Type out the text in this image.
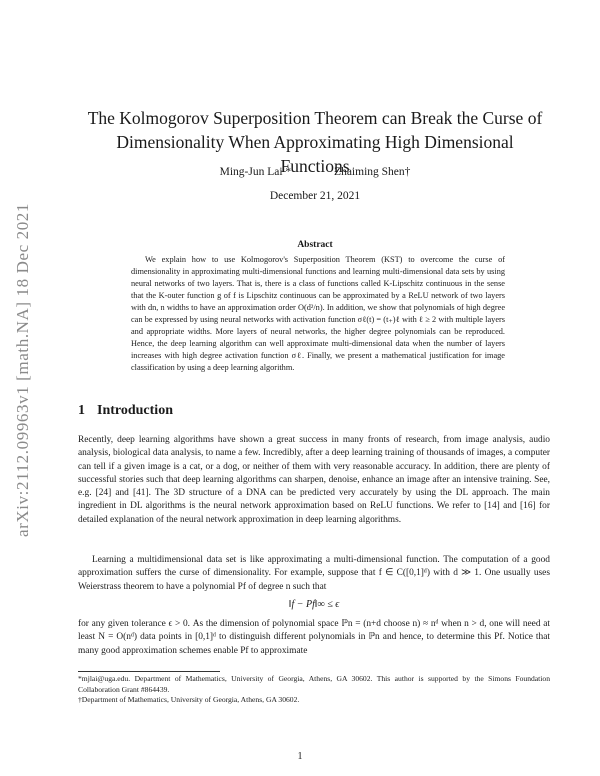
arXiv:2112.09963v1 [math.NA] 18 Dec 2021
The Kolmogorov Superposition Theorem can Break the Curse of
Dimensionality When Approximating High Dimensional Functions
Ming-Jun Lai *	Zhaiming Shen†
December 21, 2021
Abstract

We explain how to use Kolmogorov's Superposition Theorem (KST) to overcome the curse of dimensionality in approximating multi-dimensional functions and learning multi-dimensional data sets by using neural networks of two layers. That is, there is a class of functions called K-Lipschitz continuous in the sense that the K-outer function g of f is Lipschitz continuous can be approximated by a ReLU network of two layers with dn, n widths to have an approximation order O(d²/n). In addition, we show that polynomials of high degree can be expressed by using neural networks with activation function σℓ(t) = (t₊)ℓ with ℓ ≥ 2 with multiple layers and appropriate widths. More layers of neural networks, the higher degree polynomials can be reproduced. Hence, the deep learning algorithm can well approximate multi-dimensional data when the number of layers increases with high degree activation function σℓ. Finally, we present a mathematical justification for image classification by using a deep learning algorithm.

1 Introduction

Recently, deep learning algorithms have shown a great success in many fronts of research, from image analysis, audio analysis, biological data analysis, to name a few. Incredibly, after a deep learning training of thousands of images, a computer can tell if a given image is a cat, or a dog, or neither of them with very reasonable accuracy. In addition, there are plenty of successful stories such that deep learning algorithms can sharpen, denoise, enhance an image after an intensive training. See, e.g. [24] and [41]. The 3D structure of a DNA can be predicted very accurately by using the DL approach. The main ingredient in DL algorithms is the neural network approximation based on ReLU functions. We refer to [14] and [16] for detailed explanation of the neural network approximation in deep learning algorithms.

Learning a multidimensional data set is like approximating a multi-dimensional function. The computation of a good approximation suffers the curse of dimensionality. For example, suppose that f ∈ C([0,1]ᵈ) with d ≫ 1. One usually uses Weierstrass theorem to have a polynomial Pf of degree n such that

‖f − Pf‖∞ ≤ ϵ

for any given tolerance ϵ > 0. As the dimension of polynomial space ℙn = (n+d choose n) ≈ nᵈ when n > d, one will need at least N = O(nᵈ) data points in [0,1]ᵈ to distinguish different polynomials in ℙn and hence, to determine this Pf. Notice that many good approximation schemes enable Pf to approximate

*mjlai@uga.edu. Department of Mathematics, University of Georgia, Athens, GA 30602. This author is supported by the Simons Foundation Collaboration Grant #864439.

†Department of Mathematics, University of Georgia, Athens, GA 30602.

1
